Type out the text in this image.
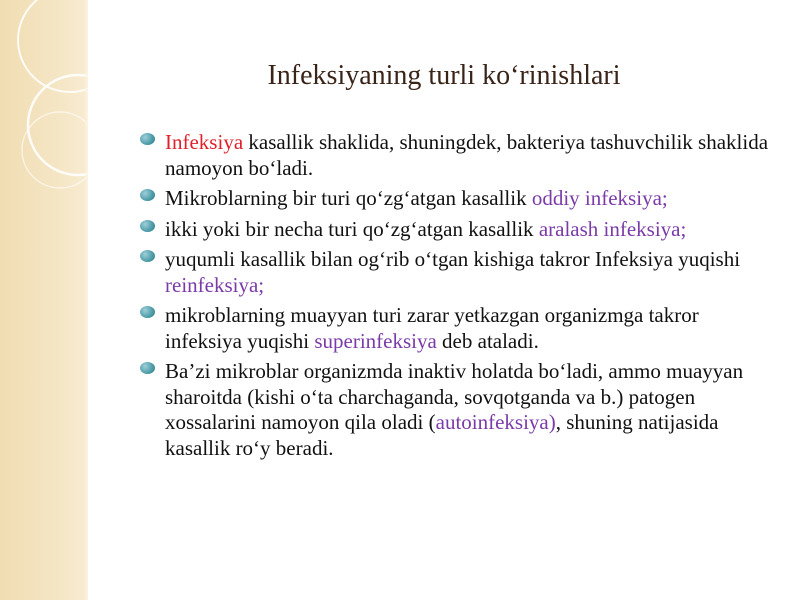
Infeksiyaning turli ko‘rinishlari
Infeksiya kasallik shaklida, shuningdek, bakteriya tashuvchilik shaklida namoyon bo‘ladi.
Mikroblarning bir turi qo‘zg‘atgan kasallik oddiy infeksiya;
ikki yoki bir necha turi qo‘zg‘atgan kasallik aralash infeksiya;
yuqumli kasallik bilan og‘rib o‘tgan kishiga takror Infeksiya yuqishi reinfeksiya;
mikroblarning muayyan turi zarar yetkazgan organizmga takror infeksiya yuqishi superinfeksiya deb ataladi.
Ba’zi mikroblar organizmda inaktiv holatda bo‘ladi, ammo muayyan sharoitda (kishi o‘ta charchaganda, sovqotganda va b.) patogen xossalarini namoyon qila oladi (autoinfeksiya), shuning natijasida kasallik ro‘y beradi.
